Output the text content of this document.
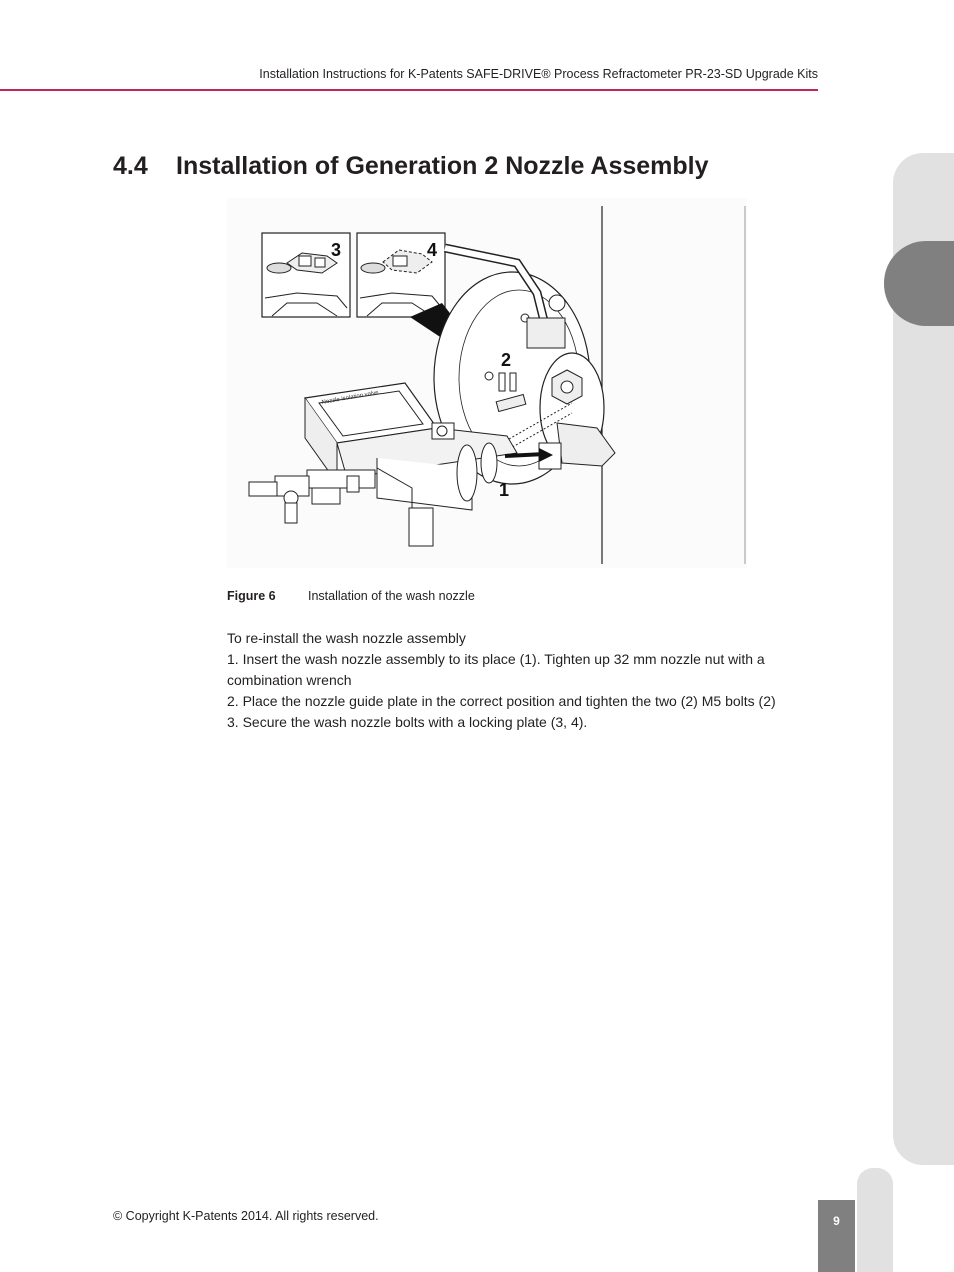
Installation Instructions for K-Patents SAFE-DRIVE® Process Refractometer PR-23-SD Upgrade Kits
4.4 Installation of Generation 2 Nozzle Assembly
3	4
2
Nozzle isolation valve
1
Figure 6	Installation of the wash nozzle

To re-install the wash nozzle assembly

1. Insert the wash nozzle assembly to its place (1). Tighten up 32 mm nozzle nut with a combination wrench

2. Place the nozzle guide plate in the correct position and tighten the two (2) M5 bolts (2)

3. Secure the wash nozzle bolts with a locking plate (3, 4).

© Copyright K-Patents 2014. All rights reserved.	9
